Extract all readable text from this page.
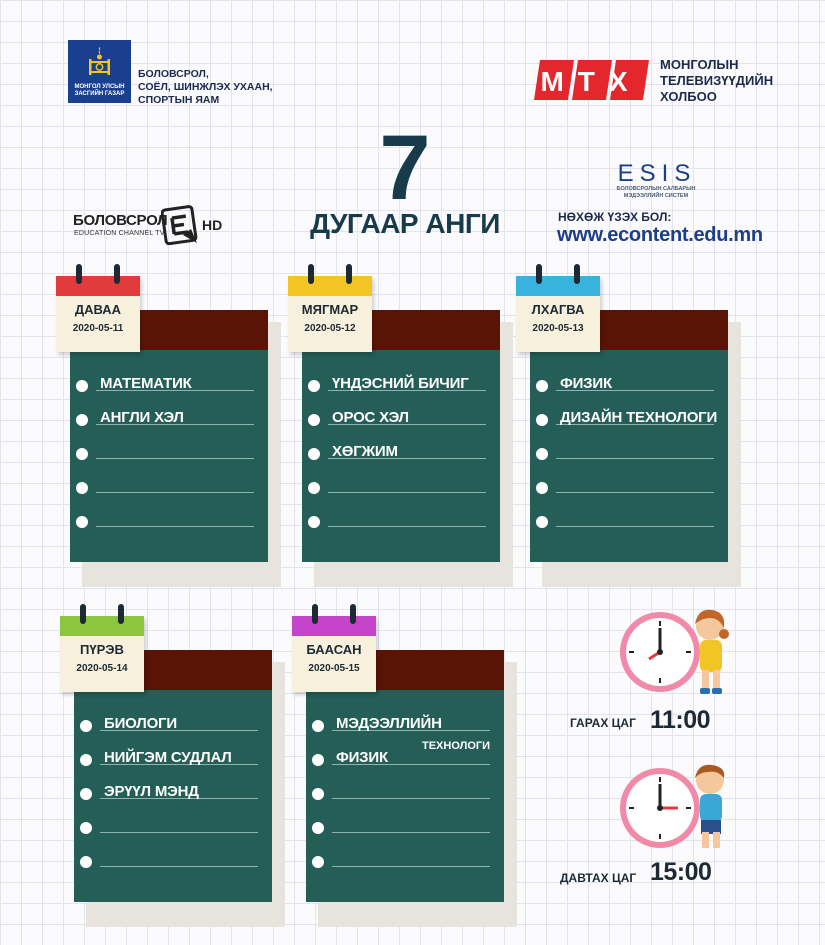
МОНГОЛ УЛСЫН
ЗАСГИЙН ГАЗАР
БОЛОВСРОЛ,
СОЁЛ, ШИНЖЛЭХ УХААН,
СПОРТЫН ЯАМ
МТХ
МОНГОЛЫН
ТЕЛЕВИЗҮҮДИЙН
ХОЛБОО
7
ДУГААР АНГИ
БОЛОВСРОЛ
EDUCATION CHANNEL TV
HD
ESIS
БОЛОВСРОЛЫН САЛБАРЫН
МЭДЭЭЛЛИЙН СИСТЕМ
НӨХӨЖ ҮЗЭХ БОЛ:
www.econtent.edu.mn
МАТЕМАТИК
АНГЛИ ХЭЛ
ДАВАА
2020-05-11
ҮНДЭСНИЙ БИЧИГ
ОРОС ХЭЛ
ХӨГЖИМ
МЯГМАР
2020-05-12
ФИЗИК
ДИЗАЙН ТЕХНОЛОГИ
ЛХАГВА
2020-05-13
БИОЛОГИ
НИЙГЭМ СУДЛАЛ
ЭРҮҮЛ МЭНД
ПҮРЭВ
2020-05-14
МЭДЭЭЛЛИЙН
ФИЗИК
ТЕХНОЛОГИ
БААСАН
2020-05-15
ГАРАХ ЦАГ 11:00
ДАВТАХ ЦАГ 15:00
